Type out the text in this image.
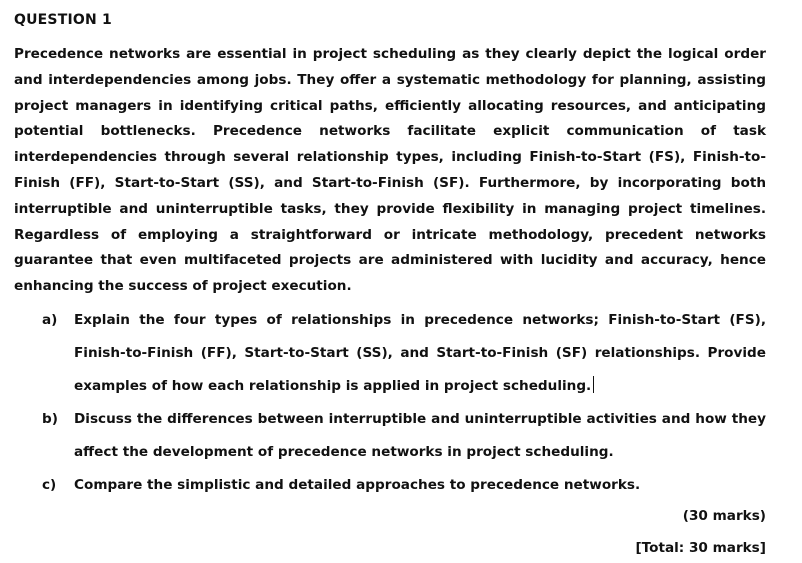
QUESTION 1

Precedence networks are essential in project scheduling as they clearly depict the logical order and interdependencies among jobs. They offer a systematic methodology for planning, assisting project managers in identifying critical paths, efficiently allocating resources, and anticipating potential bottlenecks. Precedence networks facilitate explicit communication of task interdependencies through several relationship types, including Finish-to-Start (FS), Finish-to-Finish (FF), Start-to-Start (SS), and Start-to-Finish (SF). Furthermore, by incorporating both interruptible and uninterruptible tasks, they provide flexibility in managing project timelines. Regardless of employing a straightforward or intricate methodology, precedent networks guarantee that even multifaceted projects are administered with lucidity and accuracy, hence enhancing the success of project execution.

a)	Explain the four types of relationships in precedence networks; Finish-to-Start (FS), Finish-to-Finish (FF), Start-to-Start (SS), and Start-to-Finish (SF) relationships. Provide examples of how each relationship is applied in project scheduling.
b)	Discuss the differences between interruptible and uninterruptible activities and how they affect the development of precedence networks in project scheduling.
c)	Compare the simplistic and detailed approaches to precedence networks.

(30 marks)

[Total: 30 marks]
